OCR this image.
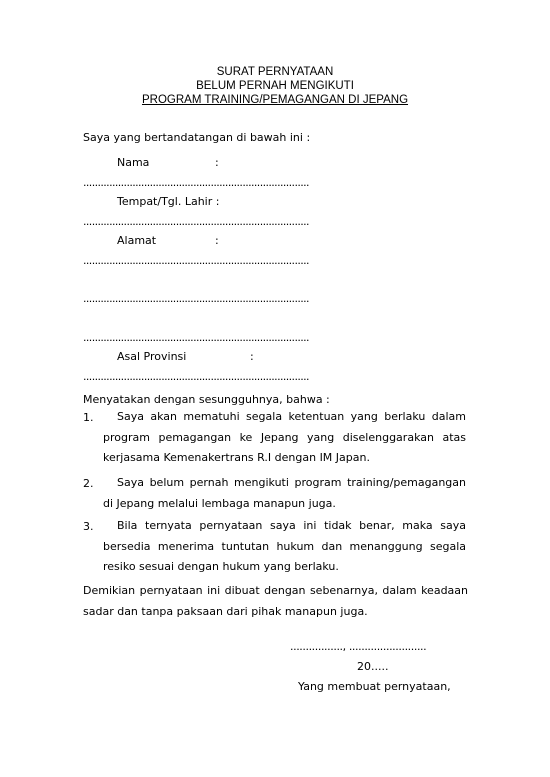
SURAT PERNYATAAN
BELUM PERNAH MENGIKUTI
PROGRAM TRAINING/PEMAGANGAN DI JEPANG
Saya yang bertandatangan di bawah ini :
Nama	:
..............................................................................
Tempat/Tgl. Lahir :
..............................................................................
Alamat	:
..............................................................................
..............................................................................
..............................................................................
Asal Provinsi	:
..............................................................................
Menyatakan dengan sesungguhnya, bahwa :
1.	Saya akan mematuhi segala ketentuan yang berlaku dalam program pemagangan ke Jepang yang diselenggarakan atas kerjasama Kemenakertrans R.I dengan IM Japan.
2.	Saya belum pernah mengikuti program training/pemagangan di Jepang melalui lembaga manapun juga.
3.	Bila ternyata pernyataan saya ini tidak benar, maka saya bersedia menerima tuntutan hukum dan menanggung segala resiko sesuai dengan hukum yang berlaku.
Demikian pernyataan ini dibuat dengan sebenarnya, dalam keadaan sadar dan tanpa paksaan dari pihak manapun juga.
................., .........................
20.....
Yang membuat pernyataan,
